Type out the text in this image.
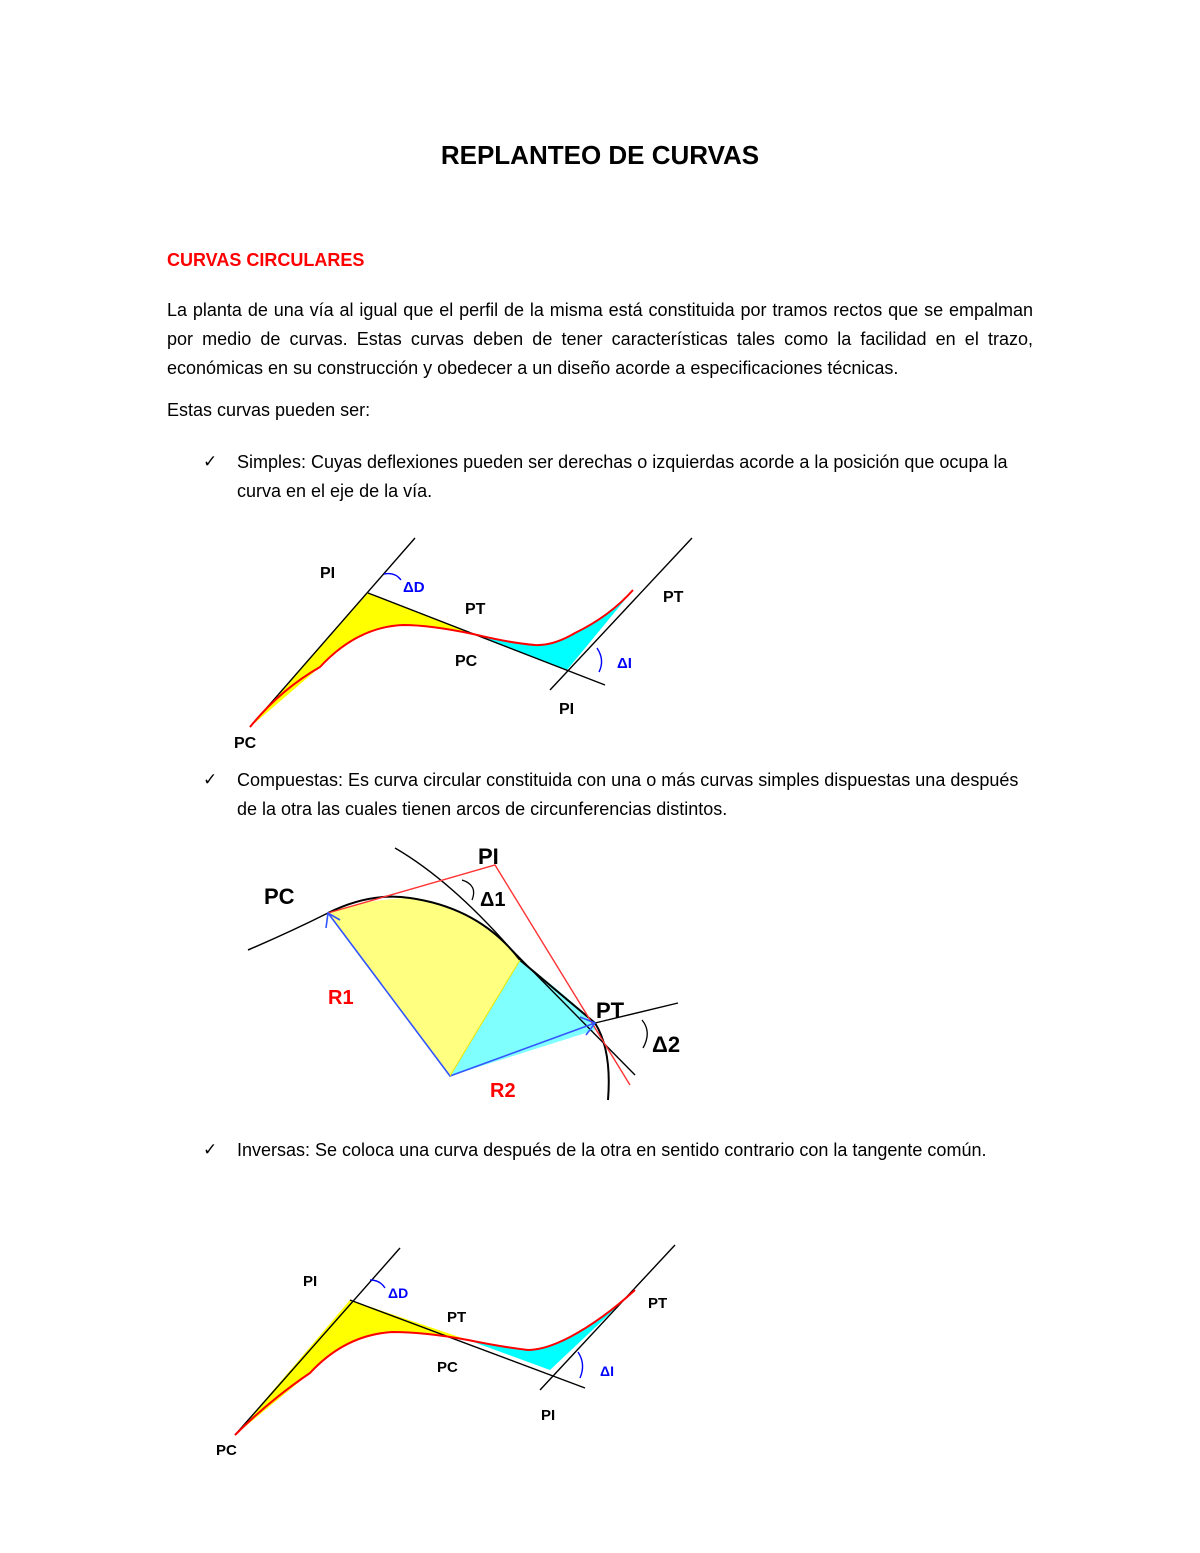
REPLANTEO DE CURVAS
CURVAS CIRCULARES
La planta de una vía al igual que el perfil de la misma está constituida por tramos rectos que se empalman por medio de curvas. Estas curvas deben de tener características tales como la facilidad en el trazo, económicas en su construcción y obedecer a un diseño acorde a especificaciones técnicas.
Estas curvas pueden ser:
✓	Simples: Cuyas deflexiones pueden ser derechas o izquierdas acorde a la posición que ocupa la curva en el eje de la vía.
PI
ΔD
PT
PC
PT
ΔI
PI
PC
✓	Compuestas: Es curva circular constituida con una o más curvas simples dispuestas una después de la otra las cuales tienen arcos de circunferencias distintos.
PC
PI
Δ1
R1	PT
Δ2
R2
✓	Inversas: Se coloca una curva después de la otra en sentido contrario con la tangente común.
PI
ΔD
PT
PC
PT
ΔI
PI
PC
